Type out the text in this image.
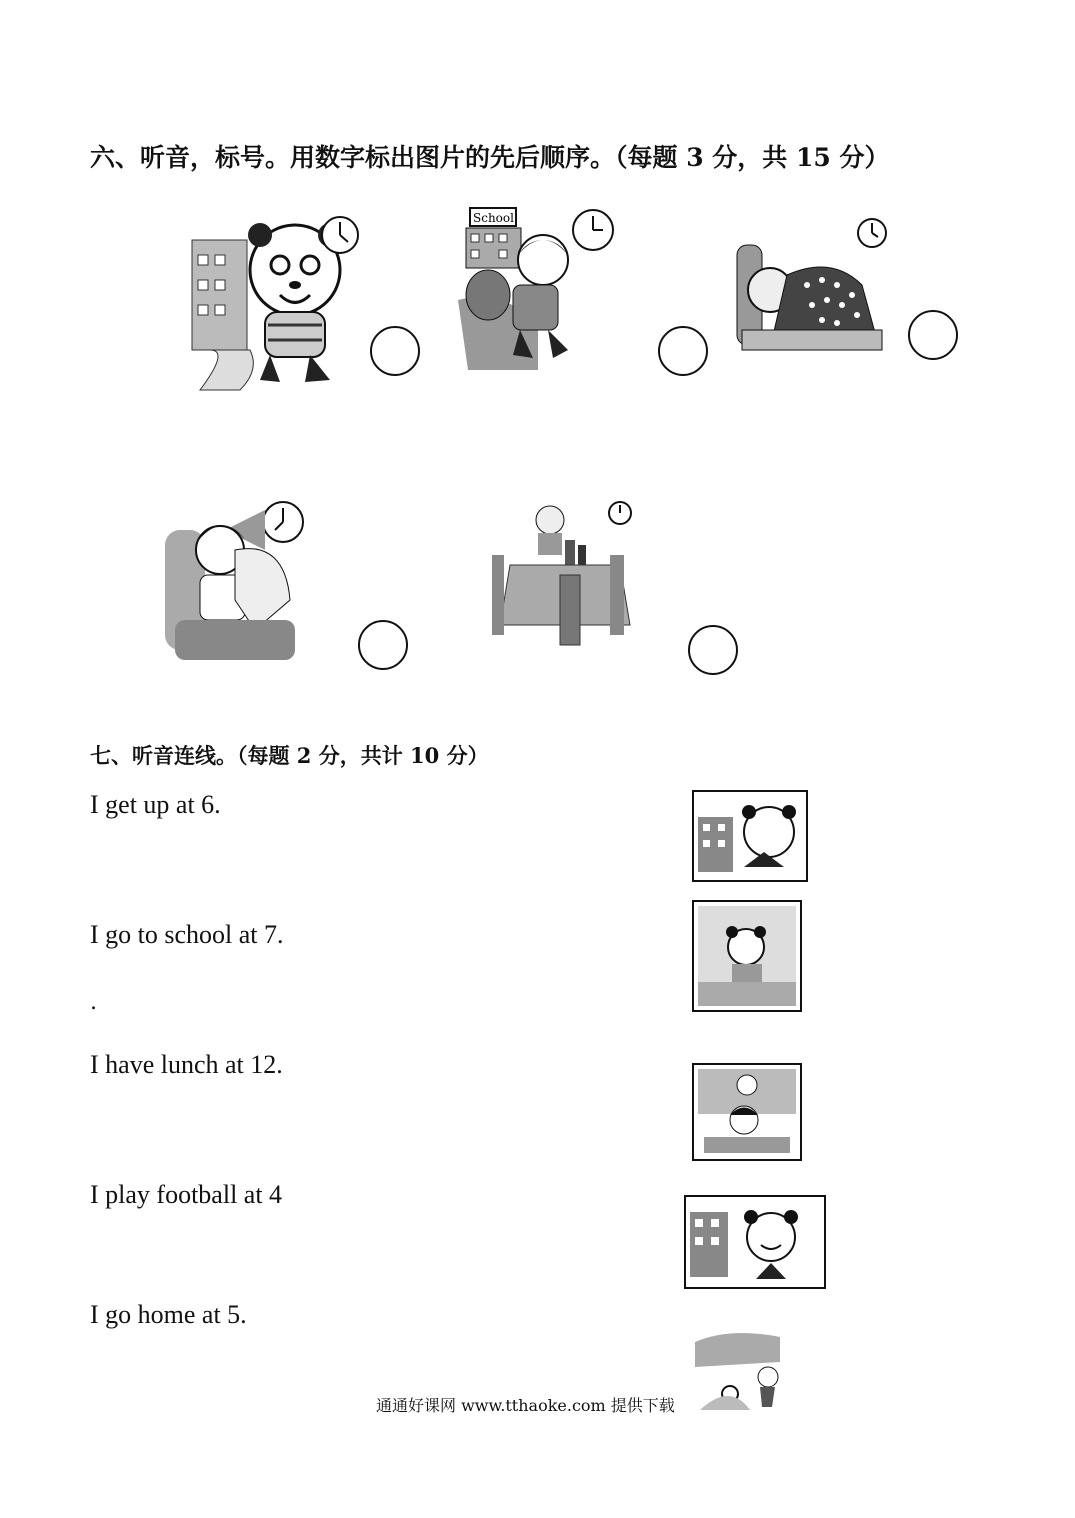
六、听音，标号。用数字标出图片的先后顺序。（每题 3 分，共 15 分）
School
七、听音连线。（每题 2 分，共计 10 分）
I get up at 6.
I go to school at 7.
.
I have lunch at 12.
I play football at 4
I go home at 5.
通通好课网 www.tthaoke.com 提供下载
